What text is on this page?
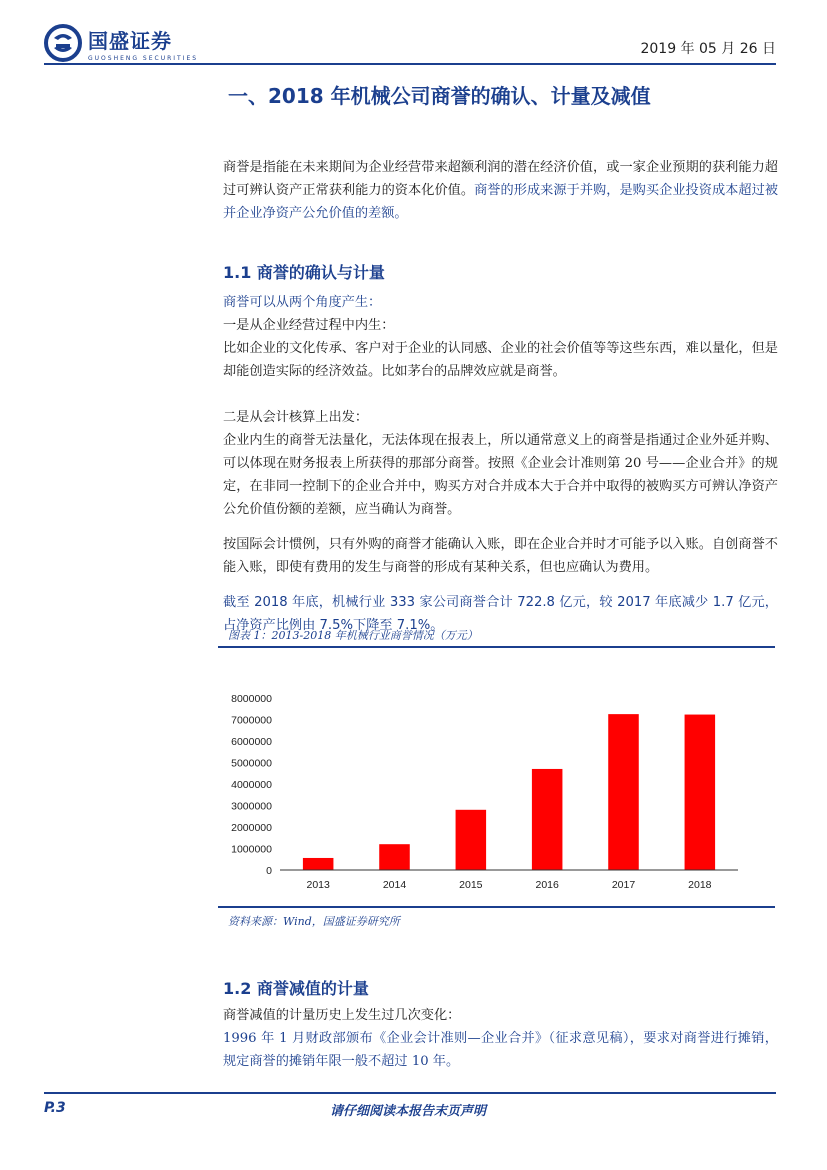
国盛证券
GUOSHENG SECURITIES
2019 年 05 月 26 日
一、2018 年机械公司商誉的确认、计量及减值
商誉是指能在未来期间为企业经营带来超额利润的潜在经济价值，或一家企业预期的获利能力超过可辨认资产正常获利能力的资本化价值。商誉的形成来源于并购，是购买企业投资成本超过被并企业净资产公允价值的差额。
1.1 商誉的确认与计量

商誉可以从两个角度产生：

一是从企业经营过程中内生：

比如企业的文化传承、客户对于企业的认同感、企业的社会价值等等这些东西，难以量化，但是却能创造实际的经济效益。比如茅台的品牌效应就是商誉。

二是从会计核算上出发：

企业内生的商誉无法量化，无法体现在报表上，所以通常意义上的商誉是指通过企业外延并购、可以体现在财务报表上所获得的那部分商誉。按照《企业会计准则第 20 号——企业合并》的规定，在非同一控制下的企业合并中，购买方对合并成本大于合并中取得的被购买方可辨认净资产公允价值份额的差额，应当确认为商誉。

按国际会计惯例，只有外购的商誉才能确认入账，即在企业合并时才可能予以入账。自创商誉不能入账，即使有费用的发生与商誉的形成有某种关系，但也应确认为费用。

截至 2018 年底，机械行业 333 家公司商誉合计 722.8 亿元，较 2017 年底减少 1.7 亿元，占净资产比例由 7.5%下降至 7.1%。

图表 1：2013-2018 年机械行业商誉情况（万元）
0
1000000
2000000
3000000
4000000
5000000
6000000
7000000
8000000
2013	2014	2015	2016	2017	2018
资料来源：Wind，国盛证券研究所
1.2 商誉减值的计量

商誉减值的计量历史上发生过几次变化：

1996 年 1 月财政部颁布《企业会计准则—企业合并》（征求意见稿），要求对商誉进行摊销，规定商誉的摊销年限一般不超过 10 年。

P.3	请仔细阅读本报告末页声明
